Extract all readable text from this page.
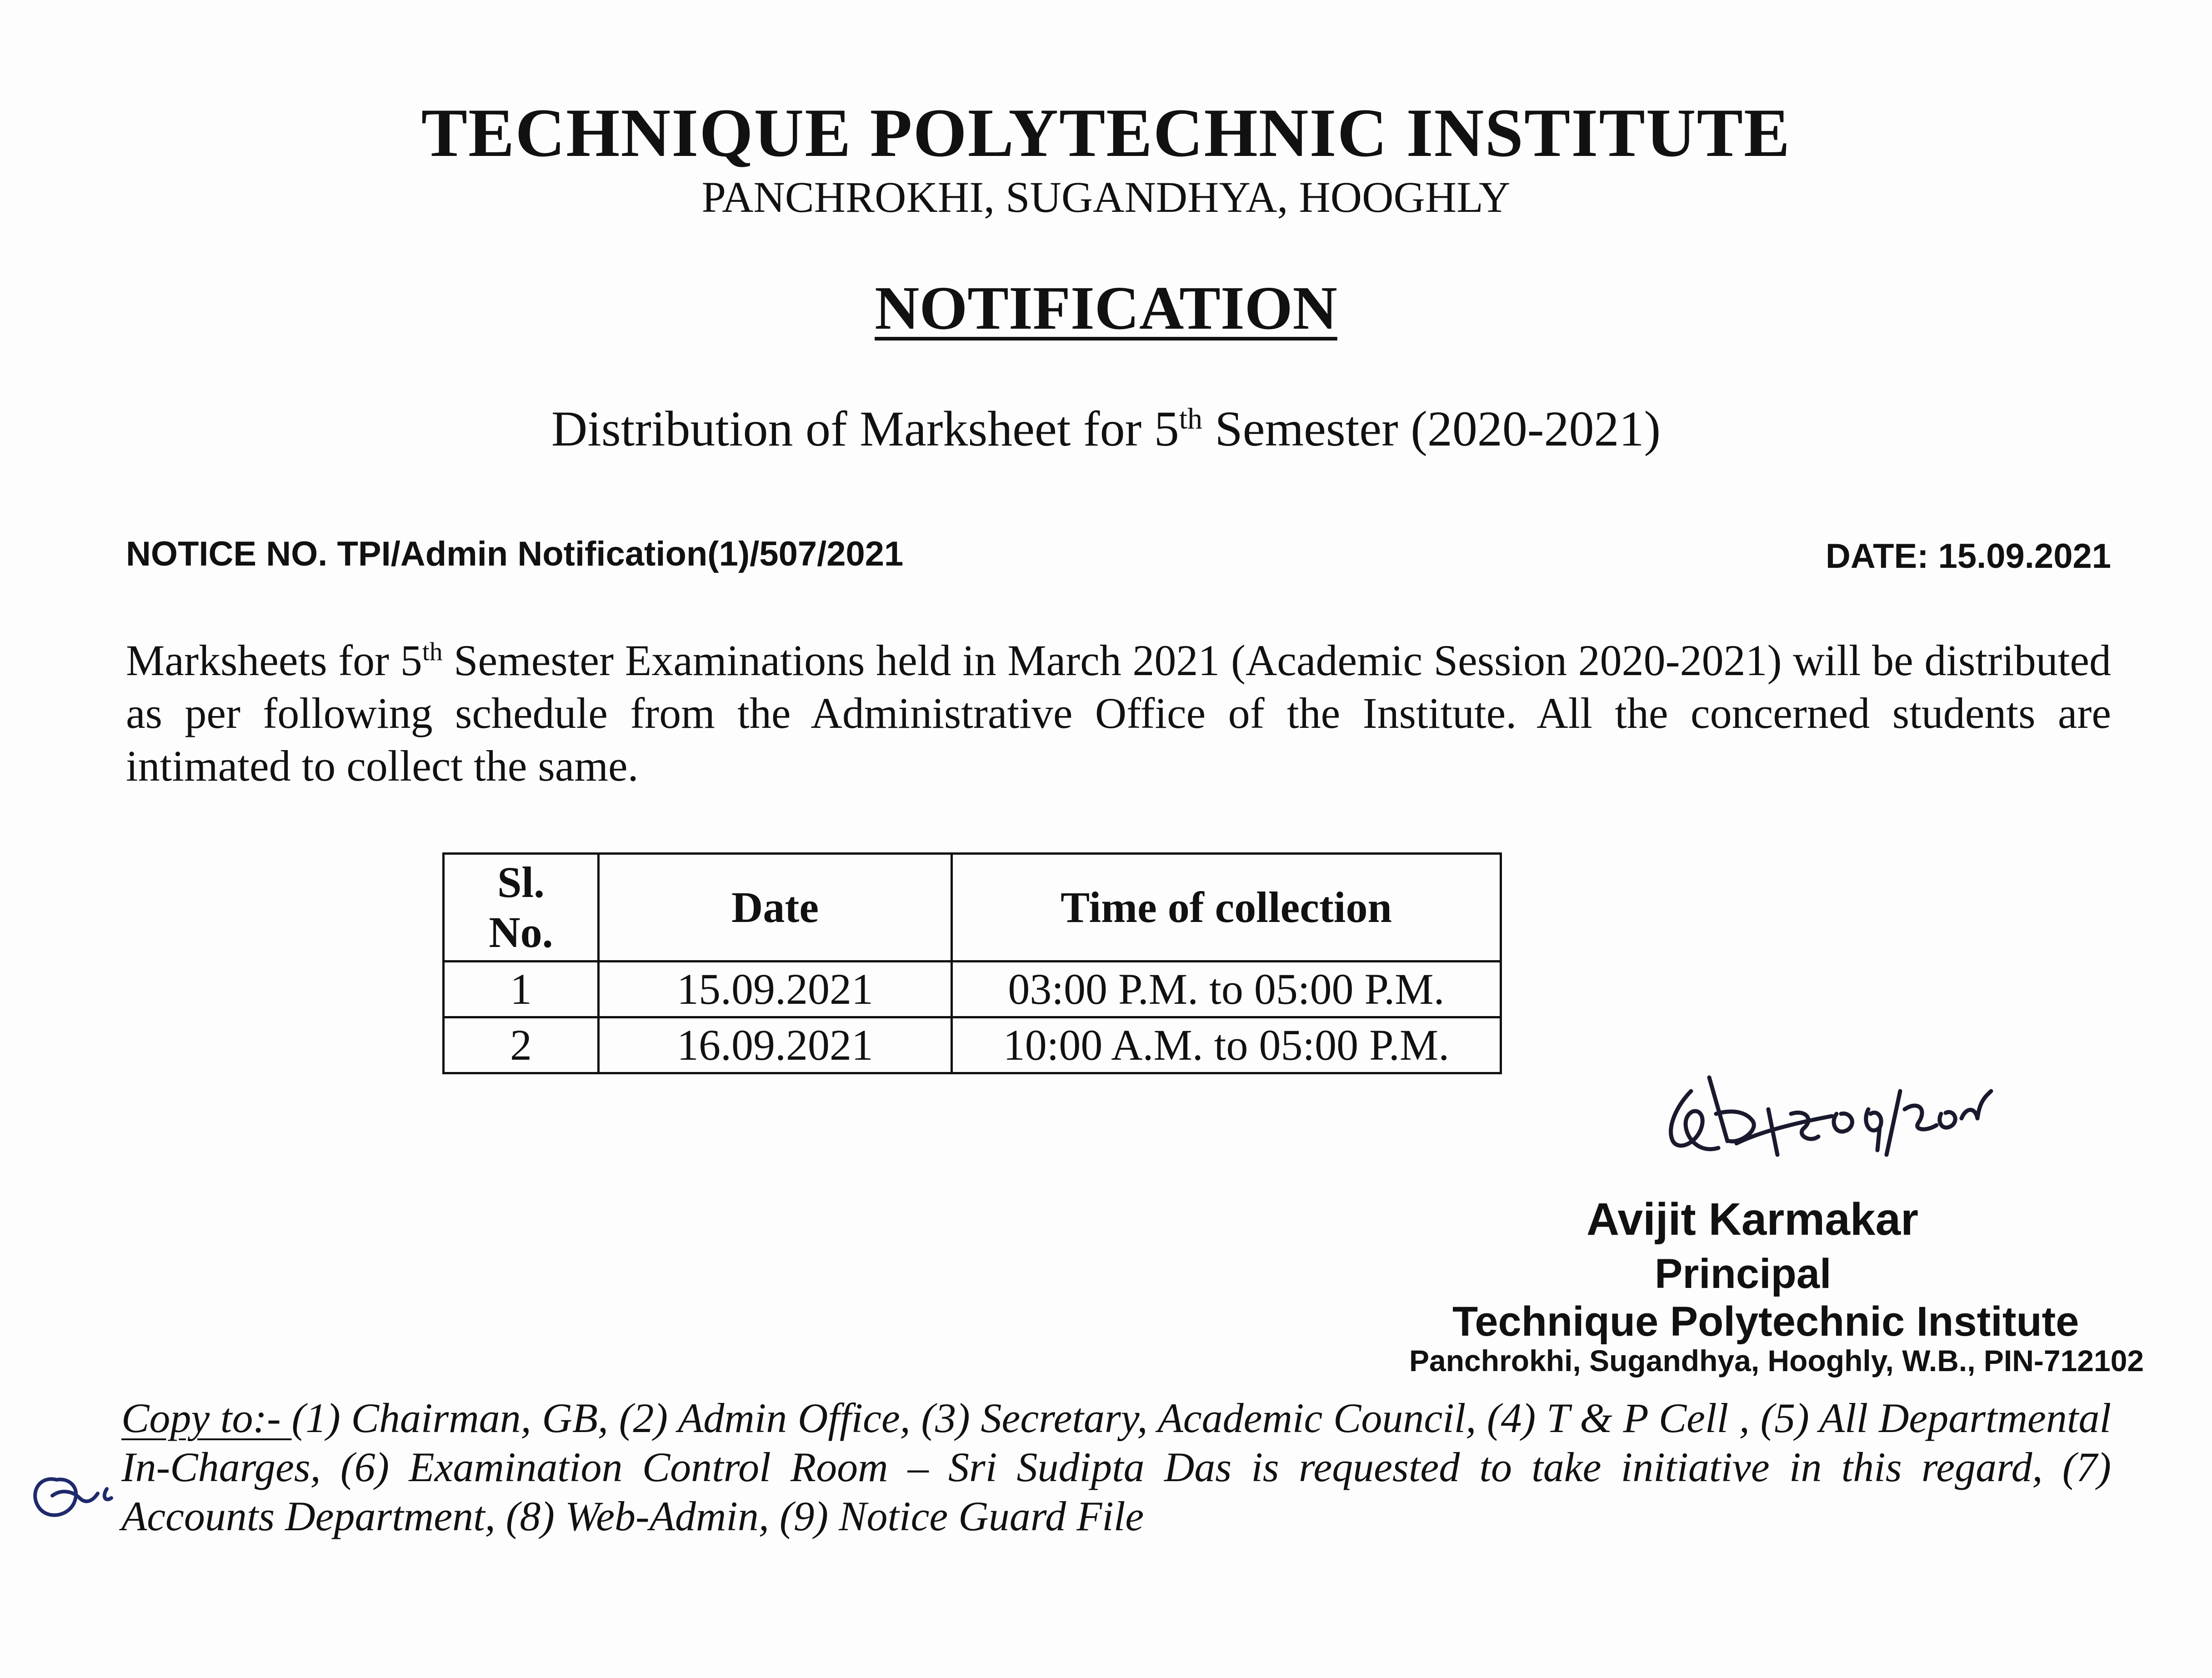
TECHNIQUE POLYTECHNIC INSTITUTE
PANCHROKHI, SUGANDHYA, HOOGHLY
NOTIFICATION
Distribution of Marksheet for 5th Semester (2020-2021)
NOTICE NO. TPI/Admin Notification(1)/507/2021	DATE: 15.09.2021
Marksheets for 5th Semester Examinations held in March 2021 (Academic Session 2020-2021) will be distributed as per following schedule from the Administrative Office of the Institute. All the concerned students are intimated to collect the same.
Sl.
No.	Date	Time of collection
1	15.09.2021	03:00 P.M. to 05:00 P.M.
2	16.09.2021	10:00 A.M. to 05:00 P.M.
Avijit Karmakar
Principal
Technique Polytechnic Institute
Panchrokhi, Sugandhya, Hooghly, W.B., PIN-712102
Copy to:- (1) Chairman, GB, (2) Admin Office, (3) Secretary, Academic Council, (4) T & P Cell , (5) All Departmental In-Charges, (6) Examination Control Room – Sri Sudipta Das is requested to take initiative in this regard, (7) Accounts Department, (8) Web-Admin, (9) Notice Guard File
